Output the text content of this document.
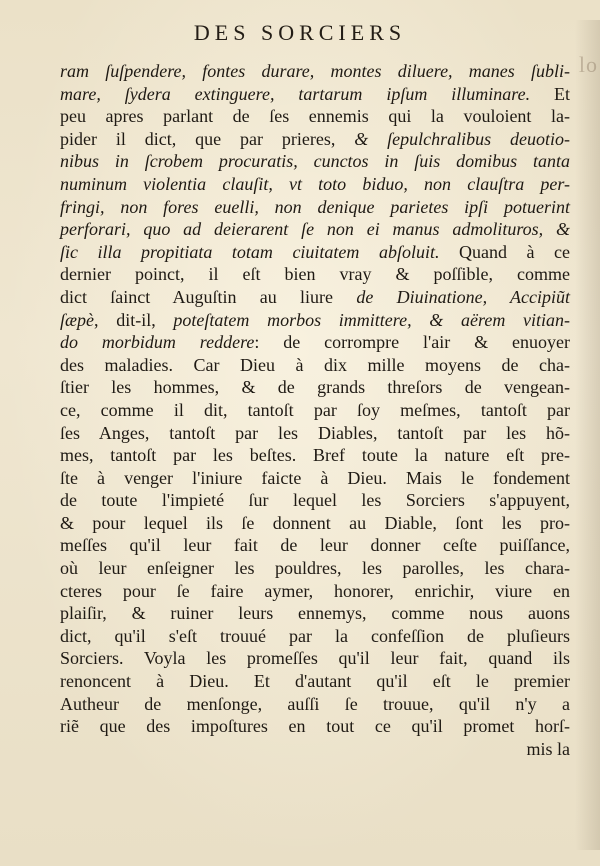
lo
DES SORCIERS
ram ſuſpendere, fontes durare, montes diluere, manes ſubli-
mare, ſydera extinguere, tartarum ipſum illuminare. Et
peu apres parlant de ſes ennemis qui la vouloient la-
pider il dict, que par prieres, & ſepulchralibus deuotio-
nibus in ſcrobem procuratis, cunctos in ſuis domibus tanta
numinum violentia clauſit, vt toto biduo, non clauſtra per-
fringi, non fores euelli, non denique parietes ipſi potuerint
perforari, quo ad deierarent ſe non ei manus admolituros, &
ſic illa propitiata totam ciuitatem abſoluit. Quand à ce
dernier poinct, il eſt bien vray & poſſible, comme
dict ſainct Auguſtin au liure de Diuinatione, Accipiũt
ſæpè, dit-il, poteſtatem morbos immittere, & aërem vitian-
do morbidum reddere: de corrompre l'air & enuoyer
des maladies. Car Dieu à dix mille moyens de cha-
ſtier les hommes, & de grands threſors de vengean-
ce, comme il dit, tantoſt par ſoy meſmes, tantoſt par
ſes Anges, tantoſt par les Diables, tantoſt par les hõ-
mes, tantoſt par les beſtes. Bref toute la nature eſt pre-
ſte à venger l'iniure faicte à Dieu. Mais le fondement
de toute l'impieté ſur lequel les Sorciers s'appuyent,
& pour lequel ils ſe donnent au Diable, ſont les pro-
meſſes qu'il leur fait de leur donner ceſte puiſſance,
où leur enſeigner les pouldres, les parolles, les chara-
cteres pour ſe faire aymer, honorer, enrichir, viure en
plaiſir, & ruiner leurs ennemys, comme nous auons
dict, qu'il s'eſt trouué par la confeſſion de pluſieurs
Sorciers. Voyla les promeſſes qu'il leur fait, quand ils
renoncent à Dieu. Et d'autant qu'il eſt le premier
Autheur de menſonge, auſſi ſe trouue, qu'il n'y a
riẽ que des impoſtures en tout ce qu'il promet horſ-
mis la
